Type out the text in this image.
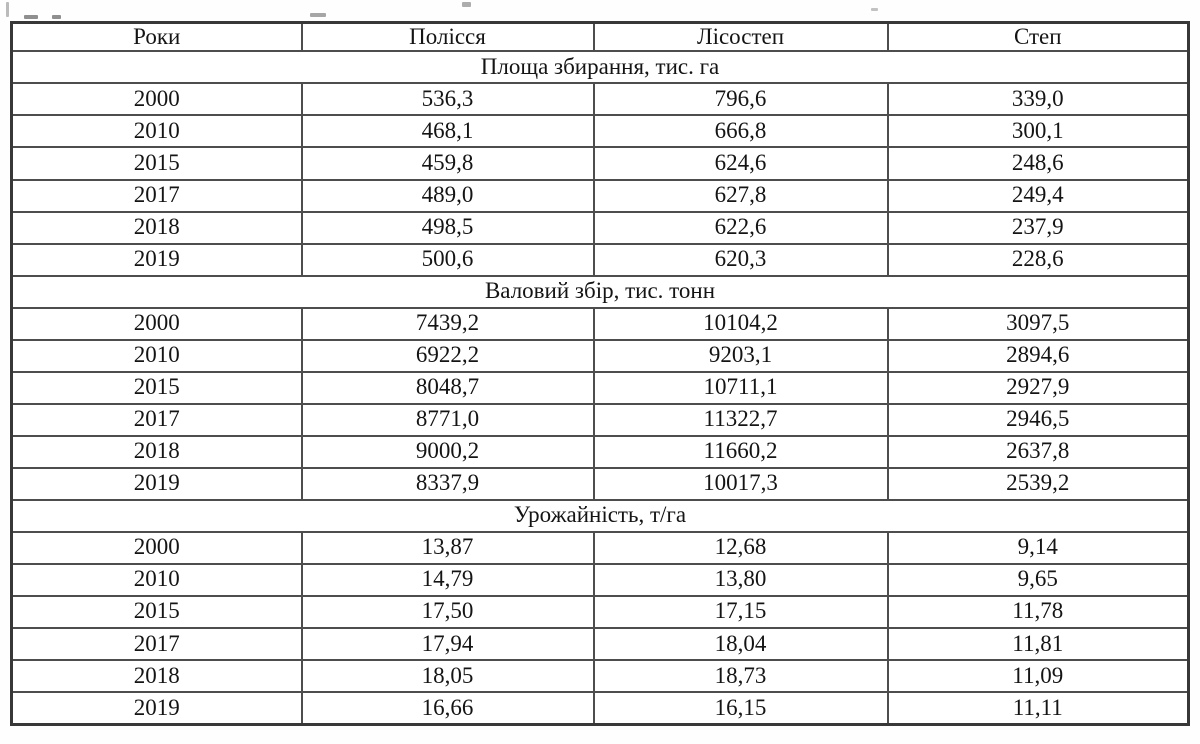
Роки	Полісся	Лісостеп	Степ
Площа збирання, тис. га			
2000	536,3	796,6	339,0
2010	468,1	666,8	300,1
2015	459,8	624,6	248,6
2017	489,0	627,8	249,4
2018	498,5	622,6	237,9
2019	500,6	620,3	228,6
Валовий збір, тис. тонн			
2000	7439,2	10104,2	3097,5
2010	6922,2	9203,1	2894,6
2015	8048,7	10711,1	2927,9
2017	8771,0	11322,7	2946,5
2018	9000,2	11660,2	2637,8
2019	8337,9	10017,3	2539,2
Урожайність, т/га			
2000	13,87	12,68	9,14
2010	14,79	13,80	9,65
2015	17,50	17,15	11,78
2017	17,94	18,04	11,81
2018	18,05	18,73	11,09
2019	16,66	16,15	11,11
